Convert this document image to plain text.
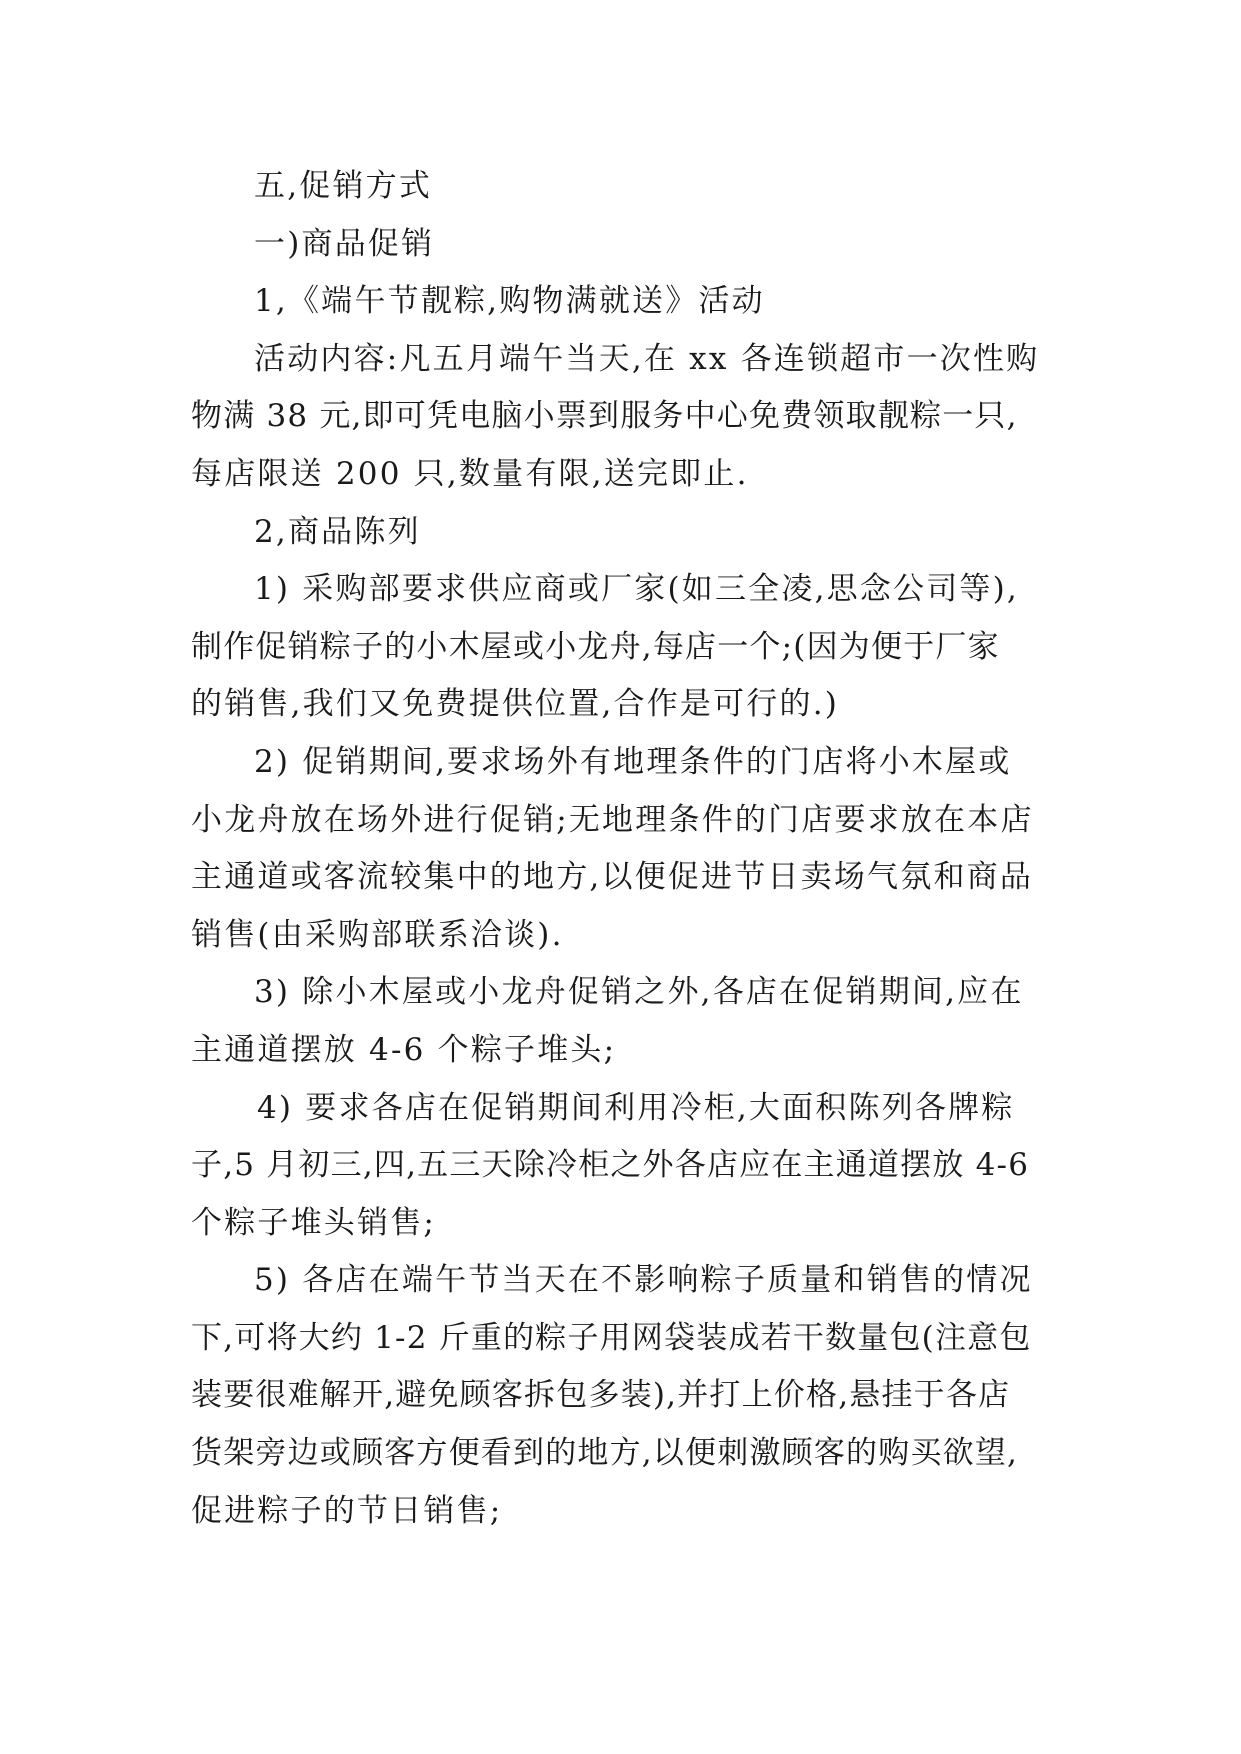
五,促销方式
一)商品促销
1,《端午节靓粽,购物满就送》活动
活动内容:凡五月端午当天,在 xx 各连锁超市一次性购
物满 38 元,即可凭电脑小票到服务中心免费领取靓粽一只,
每店限送 200 只,数量有限,送完即止.
2,商品陈列
1) 采购部要求供应商或厂家(如三全凌,思念公司等),
制作促销粽子的小木屋或小龙舟,每店一个;(因为便于厂家
的销售,我们又免费提供位置,合作是可行的.)
2) 促销期间,要求场外有地理条件的门店将小木屋或
小龙舟放在场外进行促销;无地理条件的门店要求放在本店
主通道或客流较集中的地方,以便促进节日卖场气氛和商品
销售(由采购部联系洽谈).
3) 除小木屋或小龙舟促销之外,各店在促销期间,应在
主通道摆放 4-6 个粽子堆头;
4) 要求各店在促销期间利用冷柜,大面积陈列各牌粽
子,5 月初三,四,五三天除冷柜之外各店应在主通道摆放 4-6
个粽子堆头销售;
5) 各店在端午节当天在不影响粽子质量和销售的情况
下,可将大约 1-2 斤重的粽子用网袋装成若干数量包(注意包
装要很难解开,避免顾客拆包多装),并打上价格,悬挂于各店
货架旁边或顾客方便看到的地方,以便刺激顾客的购买欲望,
促进粽子的节日销售;
